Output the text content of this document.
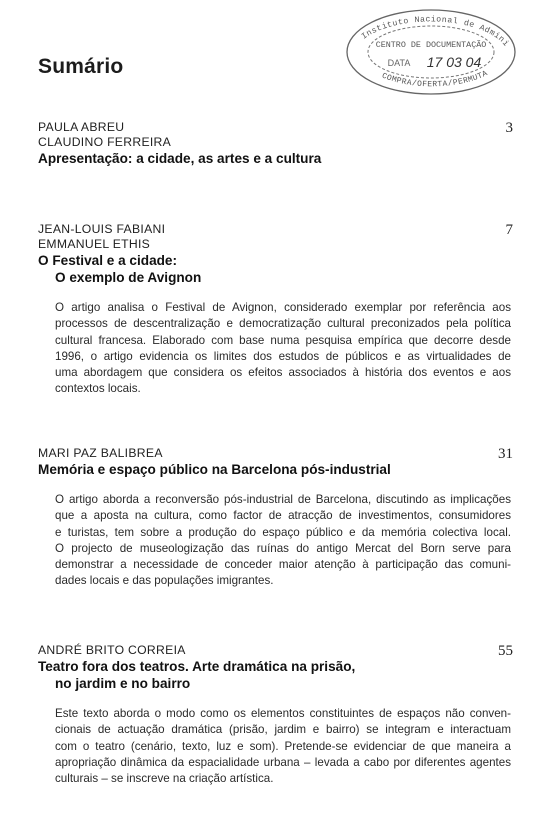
Sumário
Instituto Nacional de Admini
CENTRO DE DOCUMENTAÇÃO
DATA 17 03 04
COMPRA/OFERTA/PERMUTA
3
PAULA ABREU
CLAUDINO FERREIRA
Apresentação: a cidade, as artes e a cultura
7
JEAN-LOUIS FABIANI
EMMANUEL ETHIS
O Festival e a cidade:
O exemplo de Avignon
O artigo analisa o Festival de Avignon, considerado exemplar por referência aos
processos de descentralização e democratização cultural preconizados pela política
cultural francesa. Elaborado com base numa pesquisa empírica que decorre desde
1996, o artigo evidencia os limites dos estudos de públicos e as virtualidades de
uma abordagem que considera os efeitos associados à história dos eventos e aos
contextos locais.
31
MARI PAZ BALIBREA
Memória e espaço público na Barcelona pós-industrial
O artigo aborda a reconversão pós-industrial de Barcelona, discutindo as implicações
que a aposta na cultura, como factor de atracção de investimentos, consumidores
e turistas, tem sobre a produção do espaço público e da memória colectiva local.
O projecto de museologização das ruínas do antigo Mercat del Born serve para
demonstrar a necessidade de conceder maior atenção à participação das comuni-
dades locais e das populações imigrantes.
55
ANDRÉ BRITO CORREIA
Teatro fora dos teatros. Arte dramática na prisão,
no jardim e no bairro
Este texto aborda o modo como os elementos constituintes de espaços não conven-
cionais de actuação dramática (prisão, jardim e bairro) se integram e interactuam
com o teatro (cenário, texto, luz e som). Pretende-se evidenciar de que maneira a
apropriação dinâmica da espacialidade urbana – levada a cabo por diferentes agentes
culturais – se inscreve na criação artística.
